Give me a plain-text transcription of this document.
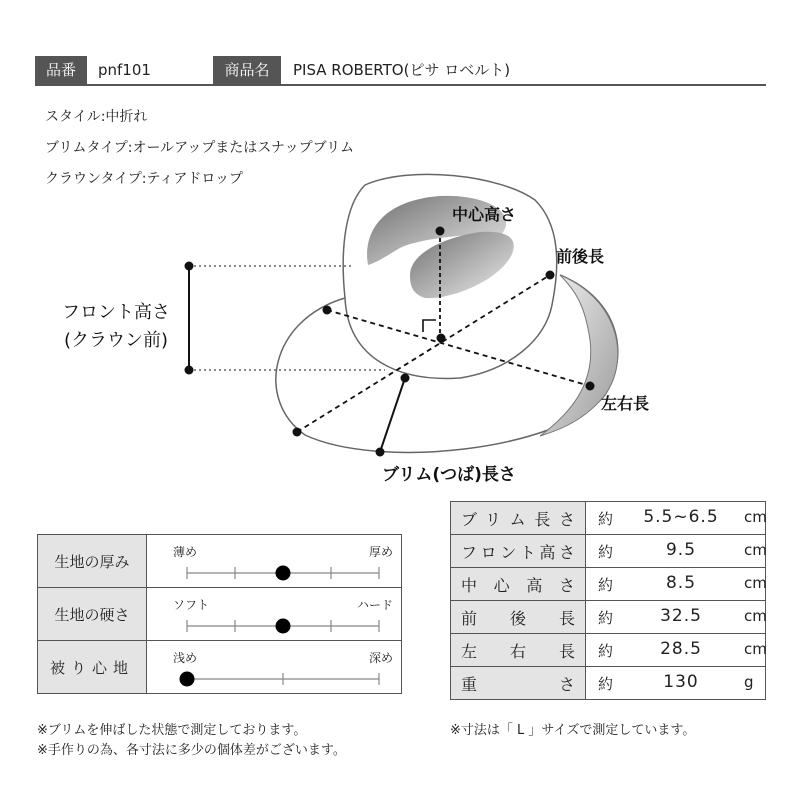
品番	pnf101	商品名	PISA ROBERTO(ピサ ロベルト)
スタイル:中折れ
ブリムタイプ:オールアップまたはスナップブリム
クラウンタイプ:ティアドロップ
中心高さ
前後長
フロント高さ
(クラウン前)
左右長
ブリム(つば)長さ
生地の厚み	薄め 厚め

生地の硬さ	ソフト ハード

被り心地	浅め 深め
ブリム長さ	約 5.5~6.5 cm

フロント高さ	約 9.5 cm

中心高さ	約 8.5 cm

前後長	約 32.5 cm

左右長	約 28.5 cm

重さ	約 130 g
※ブリムを伸ばした状態で測定しております。
※手作りの為、各寸法に多少の個体差がございます。
※寸法は「 L 」サイズで測定しています。
